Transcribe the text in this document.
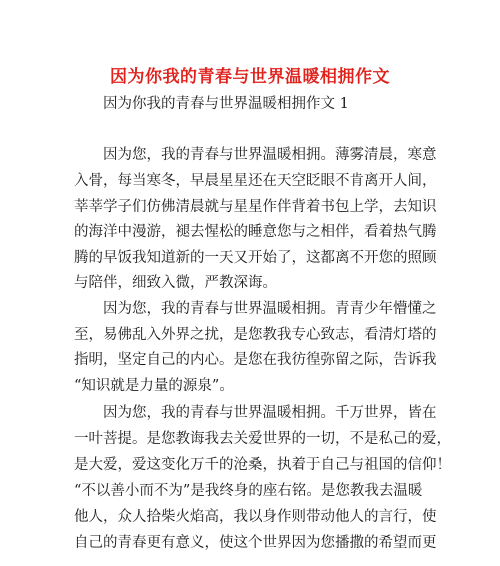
因为你我的青春与世界温暖相拥作文
因为你我的青春与世界温暖相拥作文 1
因为您，我的青春与世界温暖相拥。薄雾清晨，寒意
入骨，每当寒冬，早晨星星还在天空眨眼不肯离开人间，
莘莘学子们仿佛清晨就与星星作伴背着书包上学，去知识
的海洋中漫游，褪去惺松的睡意您与之相伴，看着热气腾
腾的早饭我知道新的一天又开始了，这都离不开您的照顾
与陪伴，细致入微，严教深诲。
因为您，我的青春与世界温暖相拥。青青少年懵懂之
至，易佛乱入外界之扰，是您教我专心致志，看清灯塔的
指明，坚定自己的内心。是您在我彷徨弥留之际，告诉我
“知识就是力量的源泉”。
因为您，我的青春与世界温暖相拥。千万世界，皆在
一叶菩提。是您教诲我去关爱世界的一切，不是私己的爱，
是大爱，爱这变化万千的沧桑，执着于自己与祖国的信仰！
“不以善小而不为”是我终身的座右铭。是您教我去温暖
他人，众人拾柴火焰高，我以身作则带动他人的言行，使
自己的青春更有意义，使这个世界因为您播撒的希望而更
